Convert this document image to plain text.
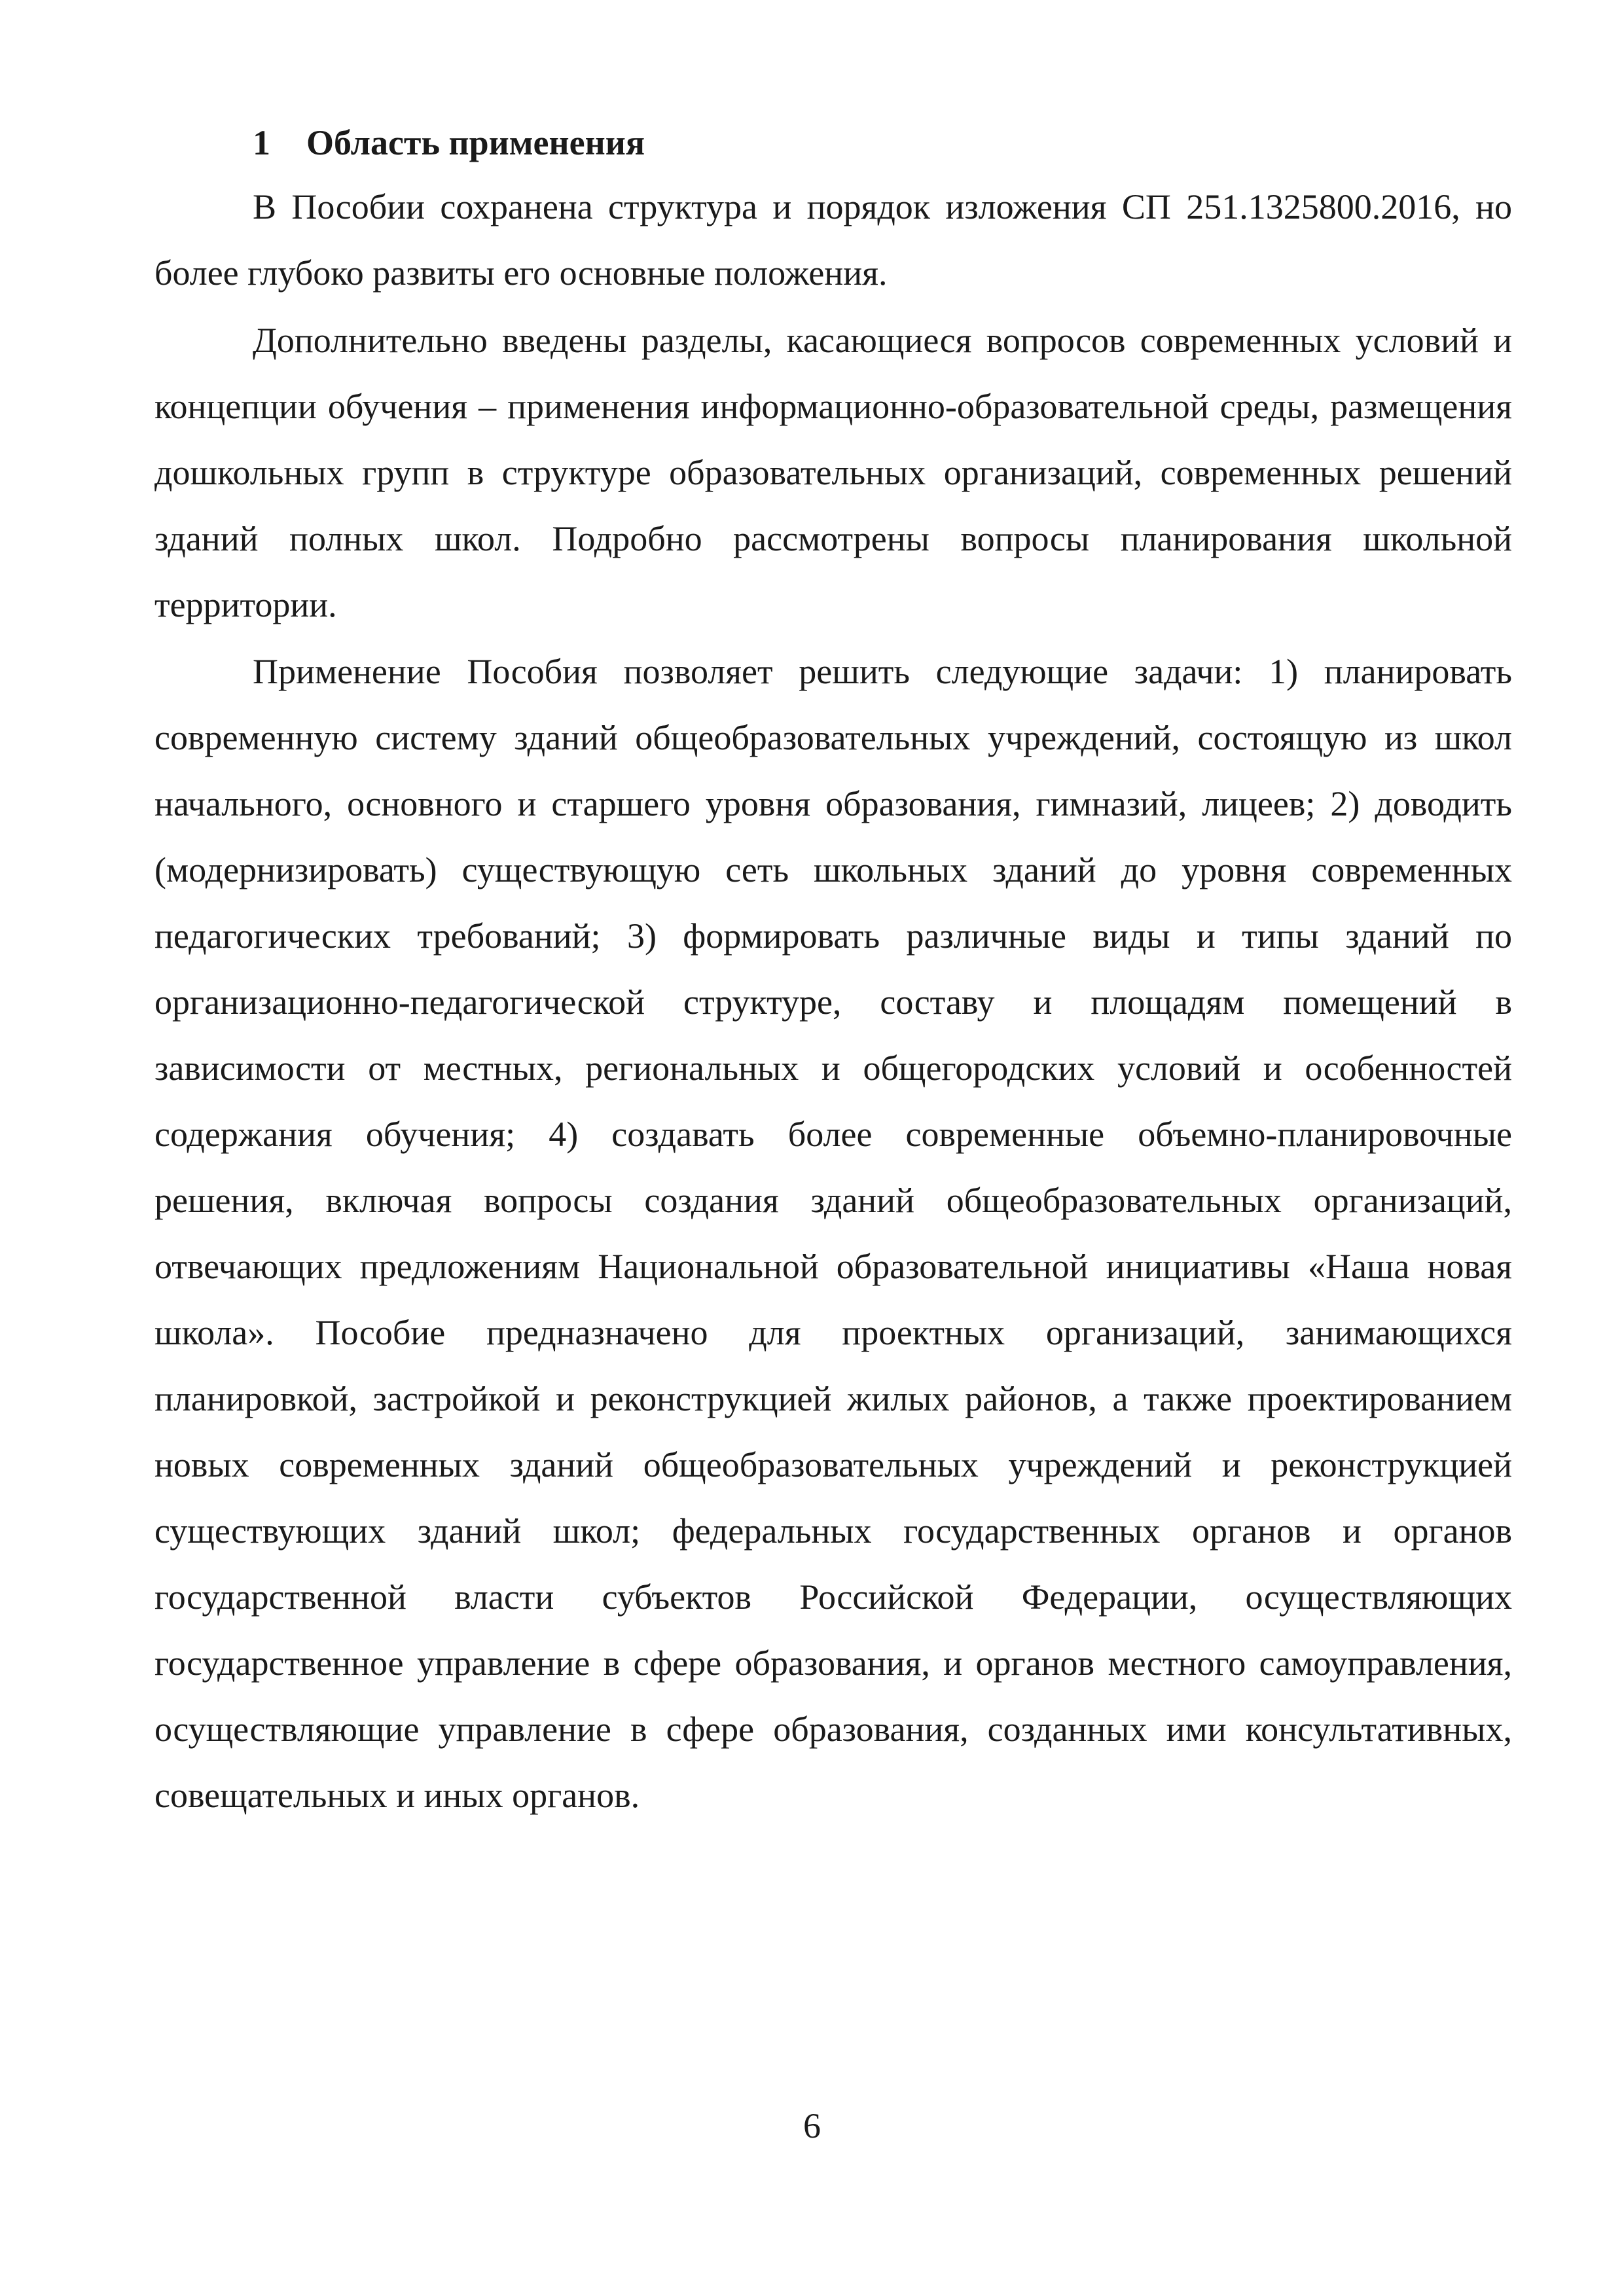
1 Область применения

В Пособии сохранена структура и порядок изложения СП 251.1325800.2016, но более глубоко развиты его основные положения.

Дополнительно введены разделы, касающиеся вопросов современных условий и концепции обучения – применения информационно-образовательной среды, размещения дошкольных групп в структуре образовательных организаций, современных решений зданий полных школ. Подробно рассмотрены вопросы планирования школьной территории.

Применение Пособия позволяет решить следующие задачи: 1) планировать современную систему зданий общеобразовательных учреждений, состоящую из школ начального, основного и старшего уровня образования, гимназий, лицеев; 2) доводить (модернизировать) существующую сеть школьных зданий до уровня современных педагогических требований; 3) формировать различные виды и типы зданий по организационно-педагогической структуре, составу и площадям помещений в зависимости от местных, региональных и общегородских условий и особенностей содержания обучения; 4) создавать более современные объемно-планировочные решения, включая вопросы создания зданий общеобразовательных организаций, отвечающих предложениям Национальной образовательной инициативы «Наша новая школа». Пособие предназначено для проектных организаций, занимающихся планировкой, застройкой и реконструкцией жилых районов, а также проектированием новых современных зданий общеобразовательных учреждений и реконструкцией существующих зданий школ; федеральных государственных органов и органов государственной власти субъектов Российской Федерации, осуществляющих государственное управление в сфере образования, и органов местного самоуправления, осуществляющие управление в сфере образования, созданных ими консультативных, совещательных и иных органов.

6
